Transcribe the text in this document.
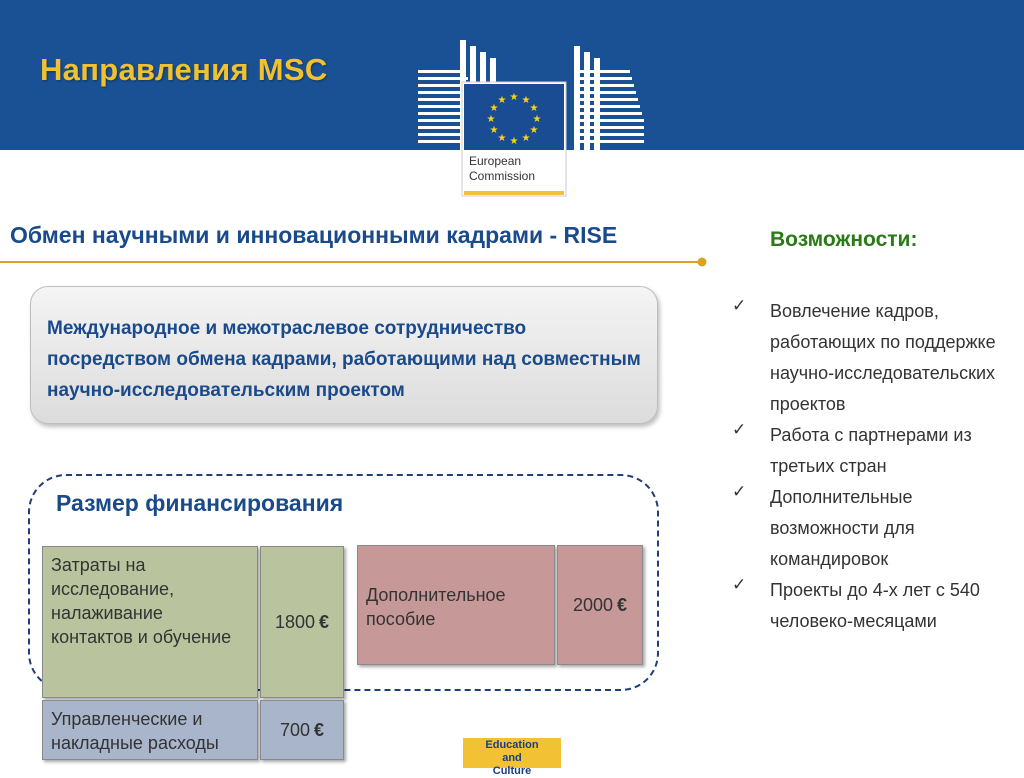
Направления MSC
★ ★
★
★
★
★
★
★
★
★
★
★
European
Commission
Обмен научными и инновационными кадрами - RISE
Международное и межотраслевое сотрудничество посредством обмена кадрами, работающими над совместным научно-исследовательским проектом
Размер финансирования
Затраты на исследование, налаживание контактов и обучение
1800 €
Управленческие и накладные расходы
700 €
Дополнительное пособие
2000 €
Возможности:
✓ Вовлечение кадров, работающих по поддержке научно-исследовательских проектов
✓ Работа с партнерами из третьих стран
✓ Дополнительные возможности для командировок
✓ Проекты до 4-х лет с 540 человеко-месяцами
Education
and
Culture
